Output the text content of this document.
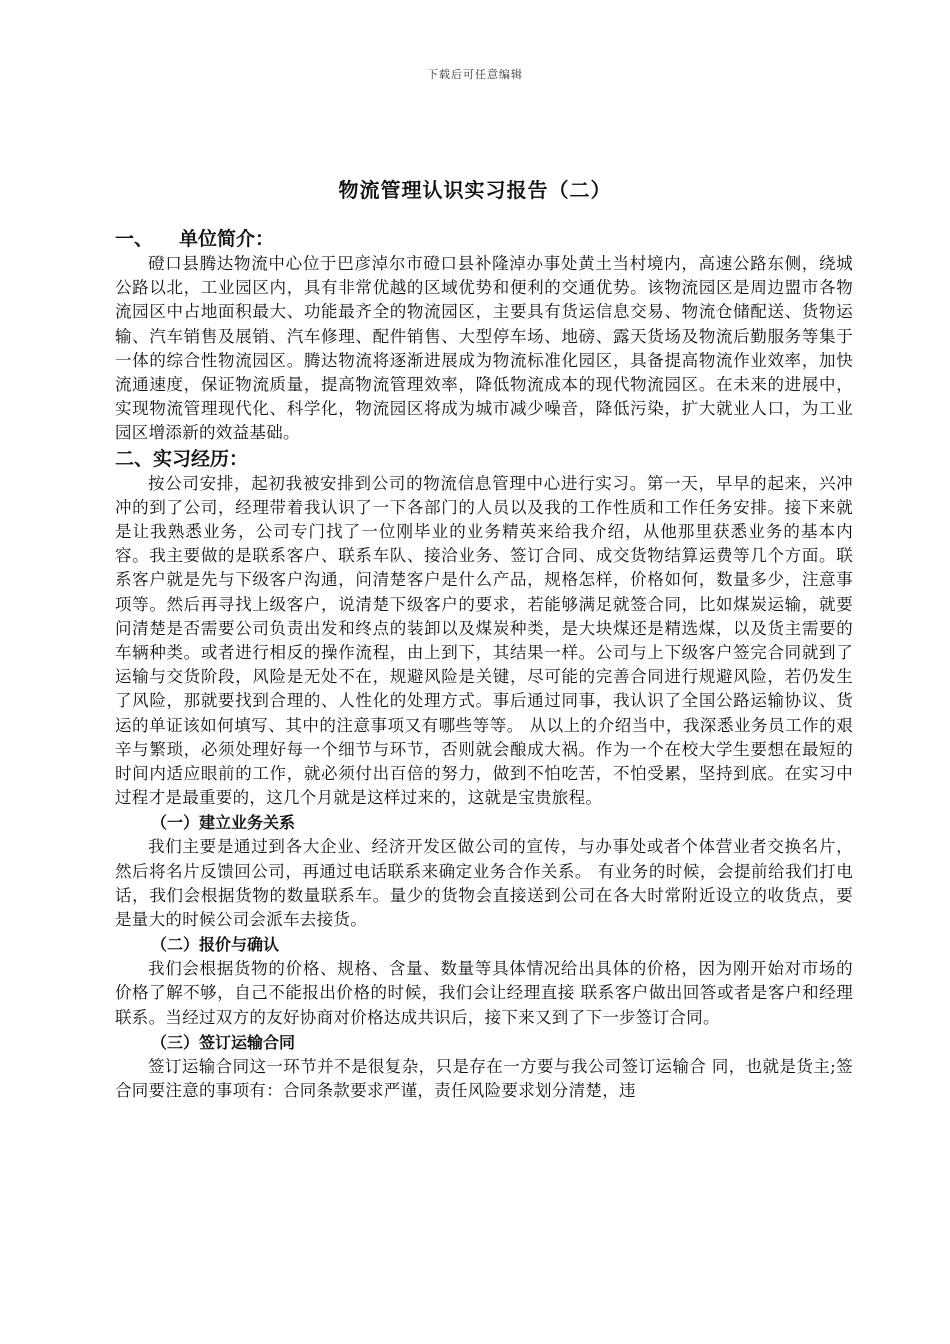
下载后可任意编辑
物流管理认识实习报告（二）

一、 单位简介：

磴口县腾达物流中心位于巴彦淖尔市磴口县补隆淖办事处黄土当村境内，高速公路东侧，绕城公路以北，工业园区内，具有非常优越的区域优势和便利的交通优势。该物流园区是周边盟市各物流园区中占地面积最大、功能最齐全的物流园区，主要具有货运信息交易、物流仓储配送、货物运输、汽车销售及展销、汽车修理、配件销售、大型停车场、地磅、露天货场及物流后勤服务等集于一体的综合性物流园区。腾达物流将逐渐进展成为物流标准化园区，具备提高物流作业效率，加快流通速度，保证物流质量，提高物流管理效率，降低物流成本的现代物流园区。在未来的进展中，实现物流管理现代化、科学化，物流园区将成为城市减少噪音，降低污染，扩大就业人口，为工业园区增添新的效益基础。

二、实习经历：

按公司安排，起初我被安排到公司的物流信息管理中心进行实习。第一天，早早的起来，兴冲冲的到了公司，经理带着我认识了一下各部门的人员以及我的工作性质和工作任务安排。接下来就是让我熟悉业务，公司专门找了一位刚毕业的业务精英来给我介绍，从他那里获悉业务的基本内容。我主要做的是联系客户、联系车队、接洽业务、签订合同、成交货物结算运费等几个方面。联系客户就是先与下级客户沟通，问清楚客户是什么产品，规格怎样，价格如何，数量多少，注意事项等。然后再寻找上级客户，说清楚下级客户的要求，若能够满足就签合同，比如煤炭运输，就要问清楚是否需要公司负责出发和终点的装卸以及煤炭种类，是大块煤还是精选煤，以及货主需要的车辆种类。或者进行相反的操作流程，由上到下，其结果一样。公司与上下级客户签完合同就到了运输与交货阶段，风险是无处不在，规避风险是关键，尽可能的完善合同进行规避风险，若仍发生了风险，那就要找到合理的、人性化的处理方式。事后通过同事，我认识了全国公路运输协议、货运的单证该如何填写、其中的注意事项又有哪些等等。 从以上的介绍当中，我深悉业务员工作的艰辛与繁琐，必须处理好每一个细节与环节，否则就会酿成大祸。作为一个在校大学生要想在最短的时间内适应眼前的工作，就必须付出百倍的努力，做到不怕吃苦，不怕受累，坚持到底。在实习中过程才是最重要的，这几个月就是这样过来的，这就是宝贵旅程。

（一）建立业务关系

我们主要是通过到各大企业、经济开发区做公司的宣传，与办事处或者个体营业者交换名片，然后将名片反馈回公司，再通过电话联系来确定业务合作关系。 有业务的时候，会提前给我们打电话，我们会根据货物的数量联系车。量少的货物会直接送到公司在各大时常附近设立的收货点，要是量大的时候公司会派车去接货。

（二）报价与确认

我们会根据货物的价格、规格、含量、数量等具体情况给出具体的价格，因为刚开始对市场的价格了解不够，自己不能报出价格的时候，我们会让经理直接 联系客户做出回答或者是客户和经理联系。当经过双方的友好协商对价格达成共识后，接下来又到了下一步签订合同。

（三）签订运输合同

签订运输合同这一环节并不是很复杂，只是存在一方要与我公司签订运输合 同，也就是货主;签合同要注意的事项有：合同条款要求严谨，责任风险要求划分清楚，违
